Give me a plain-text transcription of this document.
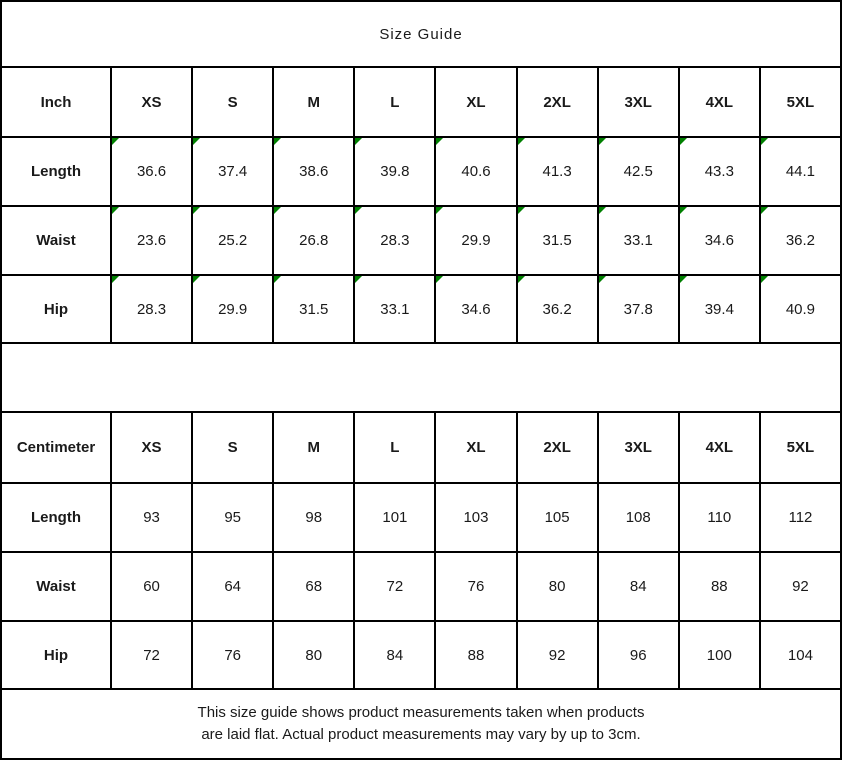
Size Guide									
Inch	XS	S	M	L	XL	2XL	3XL	4XL	5XL
Length	36.6	37.4	38.6	39.8	40.6	41.3	42.5	43.3	44.1
Waist	23.6	25.2	26.8	28.3	29.9	31.5	33.1	34.6	36.2
Hip	28.3	29.9	31.5	33.1	34.6	36.2	37.8	39.4	40.9

Centimeter	XS	S	M	L	XL	2XL	3XL	4XL	5XL
Length	93	95	98	101	103	105	108	110	112
Waist	60	64	68	72	76	80	84	88	92
Hip	72	76	80	84	88	92	96	100	104

This size guide shows product measurements taken when products
are laid flat. Actual product measurements may vary by up to 3cm.									
